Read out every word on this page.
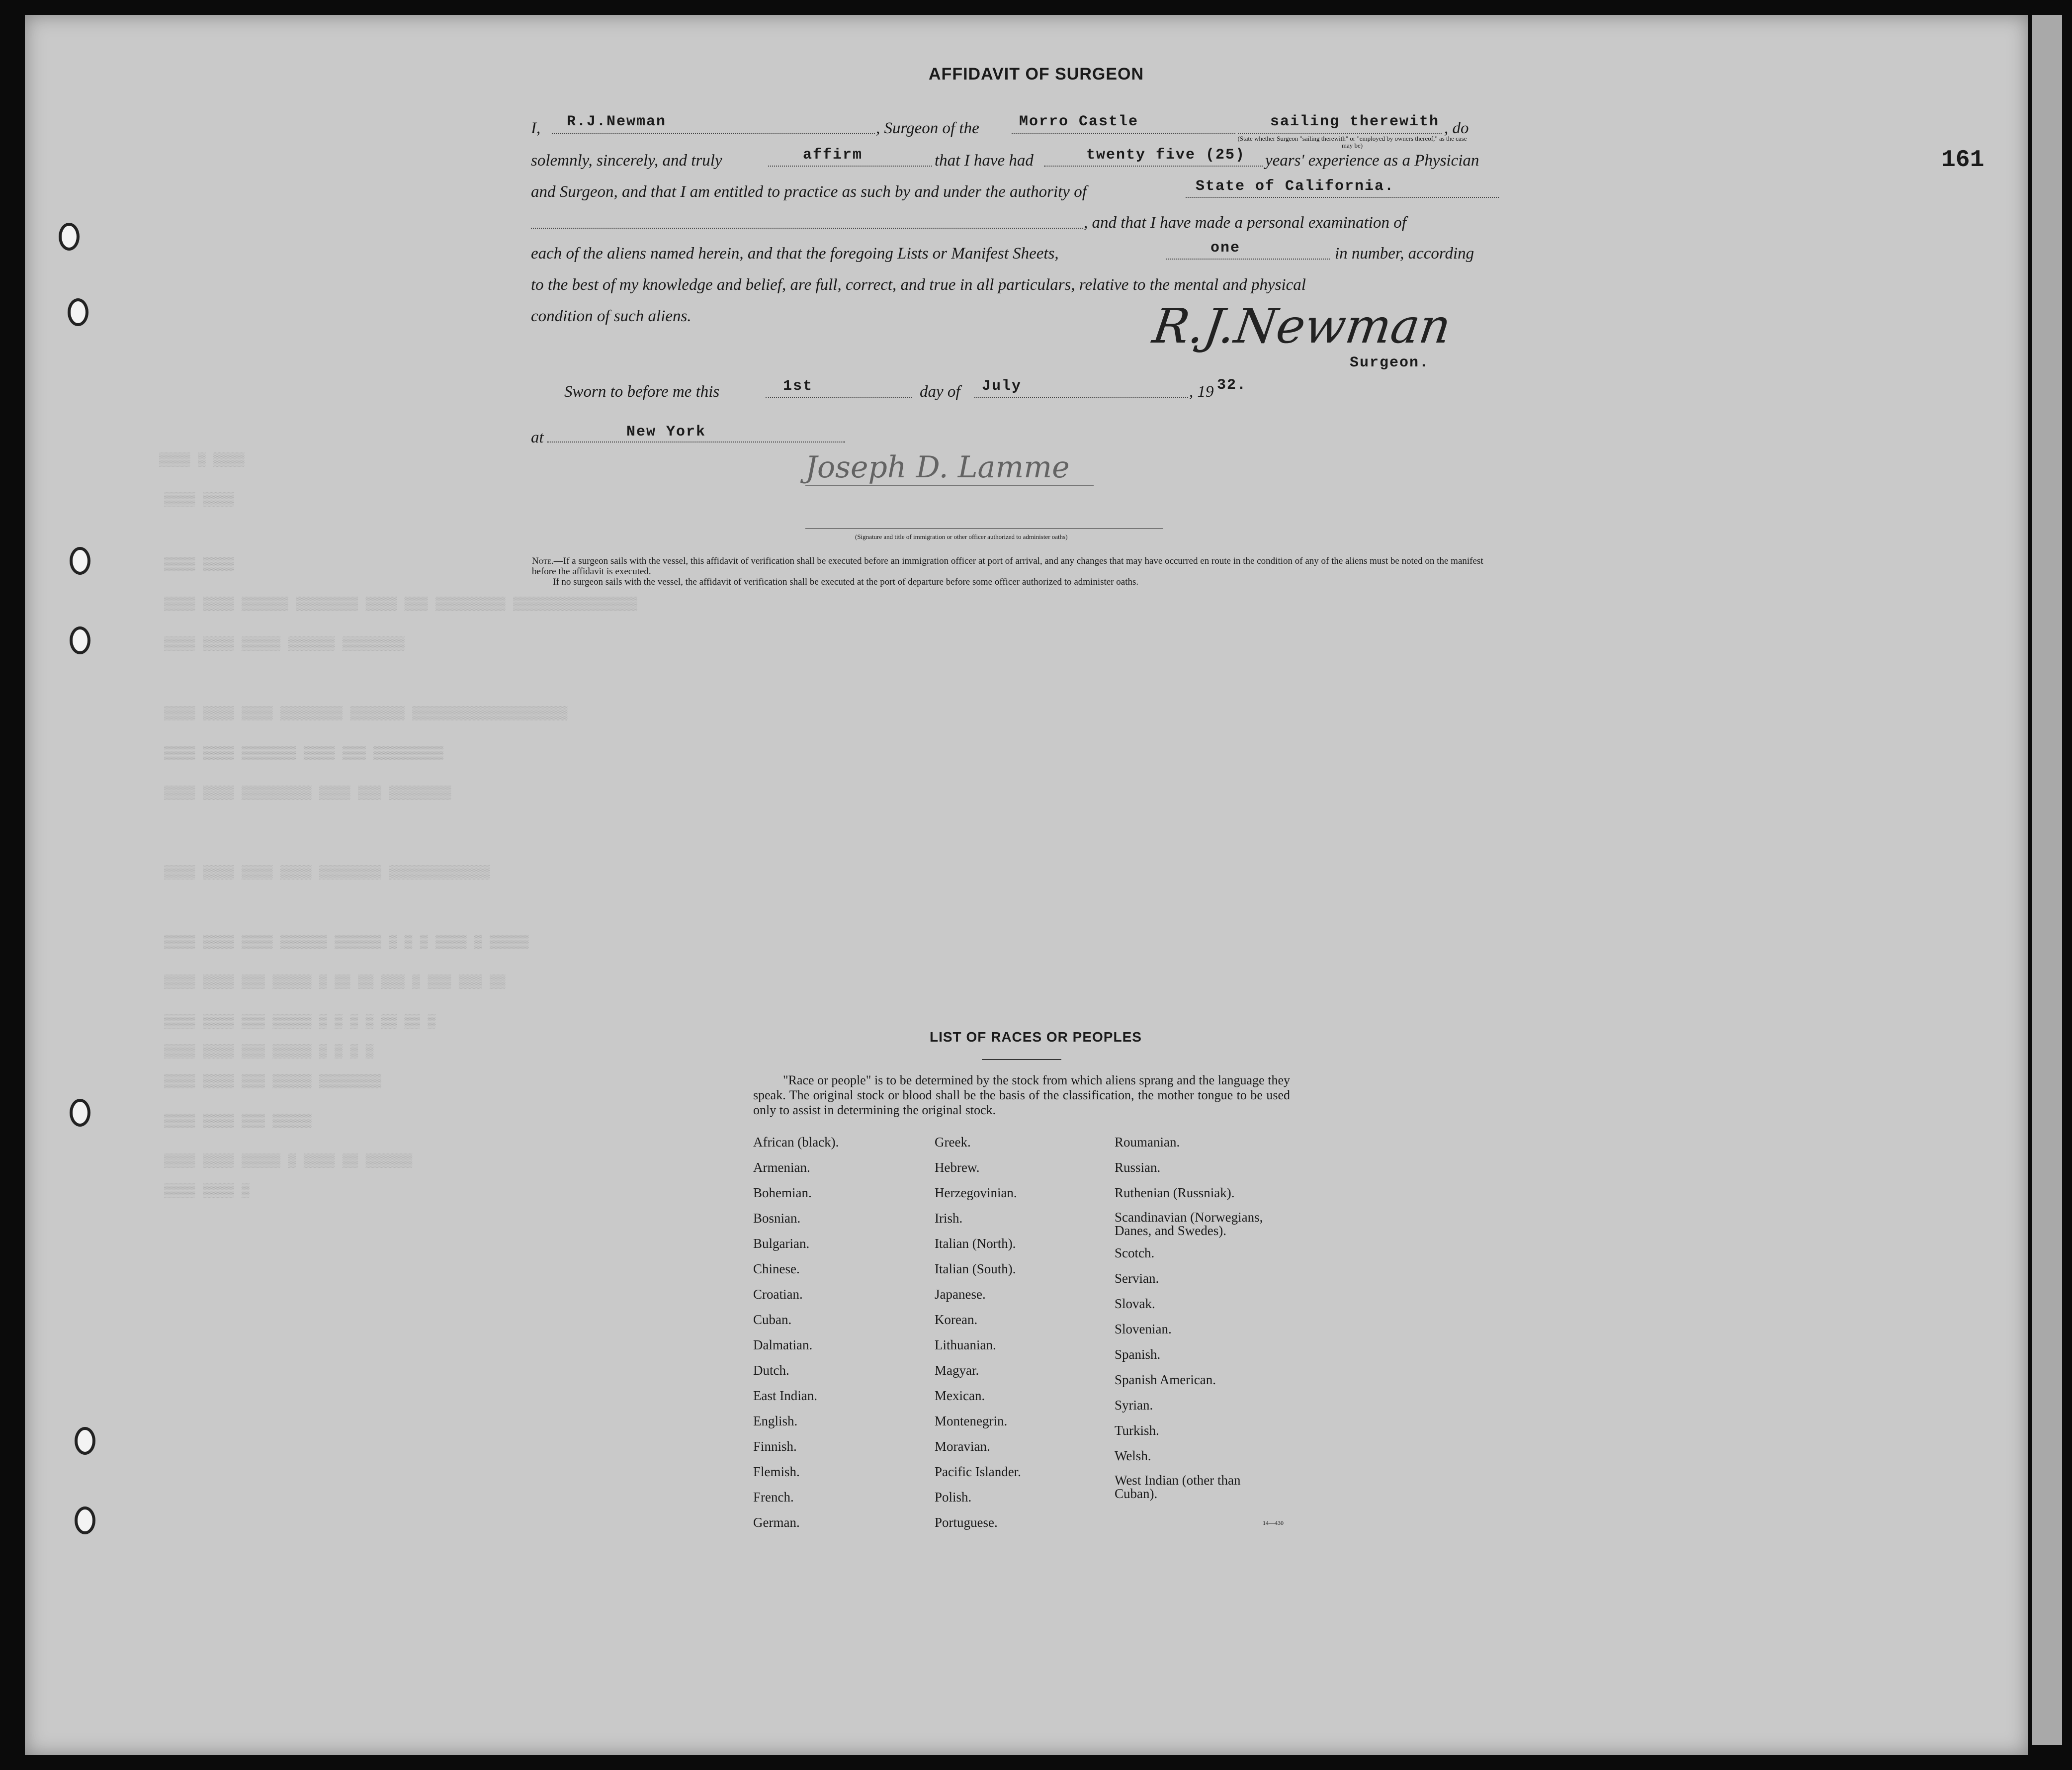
161
AFFIDAVIT OF SURGEON
I, R.J.Newman	, Surgeon of the	Morro Castle	sailing therewith , do
(State whether Surgeon "sailing therewith" or "employed by owners thereof," as the case may be)
solemnly, sincerely, and truly	affirm	that I have had	twenty five (25) years' experience as a Physician
and Surgeon, and that I am entitled to practice as such by and under the authority of	State of California.
, and that I have made a personal examination of
each of the aliens named herein, and that the foregoing Lists or Manifest Sheets,	one	in number, according
to the best of my knowledge and belief, are full, correct, and true in all particulars, relative to the mental and physical
condition of such aliens.	R.J.Newman
Surgeon.
Sworn to before me this	1st	day of July	, 19 32.
at	New York
Joseph D. Lamme
(Signature and title of immigration or other officer authorized to administer oaths)
Note.—If a surgeon sails with the vessel, this affidavit of verification shall be executed before an immigration officer at port of arrival, and any changes that may have occurred en route in the condition of any of the aliens must be noted on the manifest before the affidavit is executed.
If no surgeon sails with the vessel, the affidavit of verification shall be executed at the port of departure before some officer authorized to administer oaths.
▒▒▒▒ ▒ ▒▒▒▒
▒▒▒▒ ▒▒▒▒
▒▒▒▒ ▒▒▒▒
▒▒▒▒ ▒▒▒▒ ▒▒▒▒▒▒ ▒▒▒▒▒▒▒▒ ▒▒▒▒ ▒▒▒ ▒▒▒▒▒▒▒▒▒ ▒▒▒▒▒▒▒▒▒▒▒▒▒▒▒▒
▒▒▒▒ ▒▒▒▒ ▒▒▒▒▒ ▒▒▒▒▒▒ ▒▒▒▒▒▒▒▒
▒▒▒▒ ▒▒▒▒ ▒▒▒▒ ▒▒▒▒▒▒▒▒ ▒▒▒▒▒▒▒ ▒▒▒▒▒▒▒▒▒▒▒▒▒▒▒▒▒▒▒▒
▒▒▒▒ ▒▒▒▒ ▒▒▒▒▒▒▒ ▒▒▒▒ ▒▒▒ ▒▒▒▒▒▒▒▒▒
▒▒▒▒ ▒▒▒▒ ▒▒▒▒▒▒▒▒▒ ▒▒▒▒ ▒▒▒ ▒▒▒▒▒▒▒▒
▒▒▒▒ ▒▒▒▒ ▒▒▒▒ ▒▒▒▒ ▒▒▒▒▒▒▒▒ ▒▒▒▒▒▒▒▒▒▒▒▒▒
▒▒▒▒ ▒▒▒▒ ▒▒▒▒ ▒▒▒▒▒▒ ▒▒▒▒▒▒ ▒ ▒ ▒ ▒▒▒▒ ▒ ▒▒▒▒▒
▒▒▒▒ ▒▒▒▒ ▒▒▒ ▒▒▒▒▒ ▒ ▒▒ ▒▒ ▒▒▒ ▒ ▒▒▒ ▒▒▒ ▒▒
▒▒▒▒ ▒▒▒▒ ▒▒▒ ▒▒▒▒▒ ▒ ▒ ▒ ▒ ▒▒ ▒▒ ▒
▒▒▒▒ ▒▒▒▒ ▒▒▒ ▒▒▒▒▒ ▒ ▒ ▒ ▒
▒▒▒▒ ▒▒▒▒ ▒▒▒ ▒▒▒▒▒ ▒▒▒▒▒▒▒▒
▒▒▒▒ ▒▒▒▒ ▒▒▒ ▒▒▒▒▒
▒▒▒▒ ▒▒▒▒ ▒▒▒▒▒ ▒ ▒▒▒▒ ▒▒ ▒▒▒▒▒▒
▒▒▒▒ ▒▒▒▒ ▒
LIST OF RACES OR PEOPLES
"Race or people" is to be determined by the stock from which aliens sprang and the language they speak. The original stock or blood shall be the basis of the classification, the mother tongue to be used only to assist in determining the original stock.
African (black).
Armenian.
Bohemian.
Bosnian.
Bulgarian.
Chinese.
Croatian.
Cuban.
Dalmatian.
Dutch.
East Indian.
English.
Finnish.
Flemish.
French.
German.
Greek.
Hebrew.
Herzegovinian.
Irish.
Italian (North).
Italian (South).
Japanese.
Korean.
Lithuanian.
Magyar.
Mexican.
Montenegrin.
Moravian.
Pacific Islander.
Polish.
Portuguese.
Roumanian.
Russian.
Ruthenian (Russniak).
Scandinavian (Norwegians, Danes, and Swedes).
Scotch.
Servian.
Slovak.
Slovenian.
Spanish.
Spanish American.
Syrian.
Turkish.
Welsh.
West Indian (other than Cuban).
14—430
